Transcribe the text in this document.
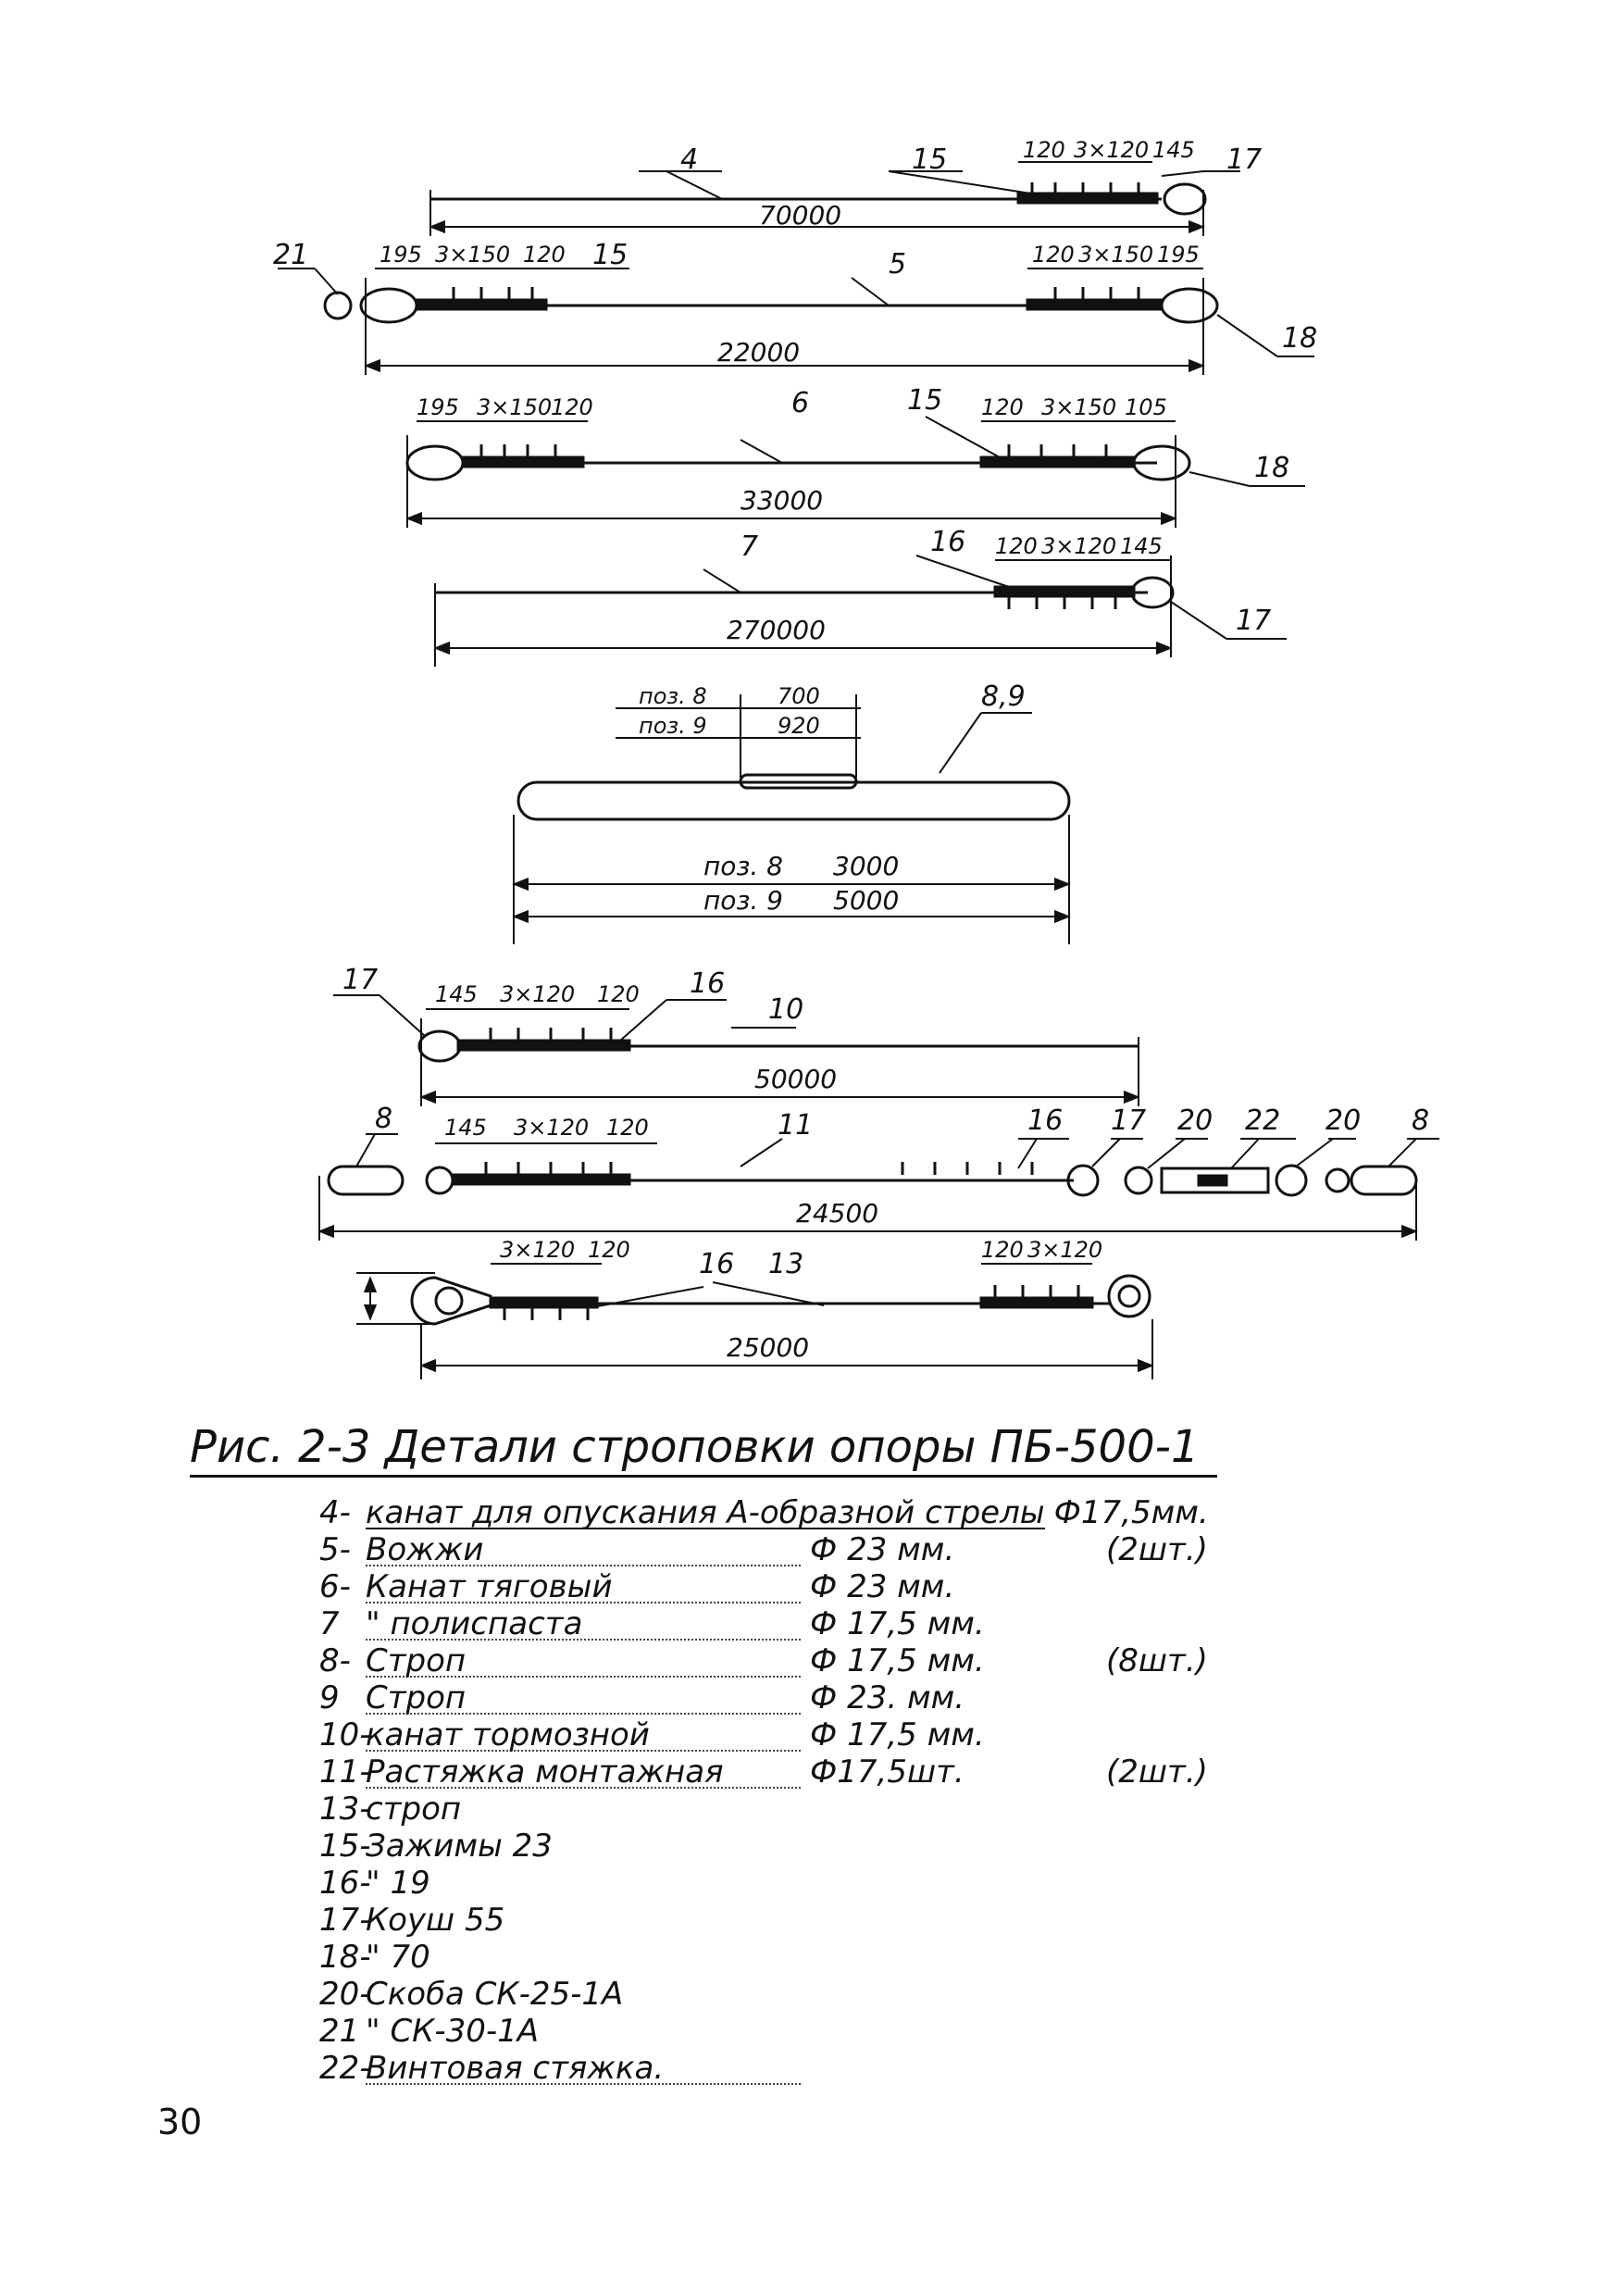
4	15	17
21	15	5
18
6	15
18
7	16
17
8,9
17	16
10
8	11	16 17 20 22 20 8
16 13
120 3×120 145
70000
195 3×150 120	120 3×150 195
22000
195 3×150
120	120 3×150 105
33000
120 3×120 145
270000
поз. 8	700
поз. 9	920
поз. 8 3000
поз. 9 5000
145 3×120 120
50000
145 3×120 120
24500
3×120 120	120 3×120
25000
Рис. 2-3 Детали строповки опоры ПБ-500-1
4- канат для опускания А-образной стрелы Ф17,5мм.
5- Вожжи	Ф 23 мм.	(2шт.)
6- Канат тяговый	Ф 23 мм.
7 " полиспаста	Ф 17,5 мм.
8- Строп	Ф 17,5 мм.	(8шт.)
9 Строп	Ф 23. мм.
10-канат тормозной	Ф 17,5 мм.
11-Растяжка монтажная	Ф17,5шт.	(2шт.)
13-строп
15-Зажимы 23
16-" 19
17-Коуш 55
18-" 70
20-Скоба СК-25-1А
21 " СК-30-1А
22-Винтовая стяжка.
30
